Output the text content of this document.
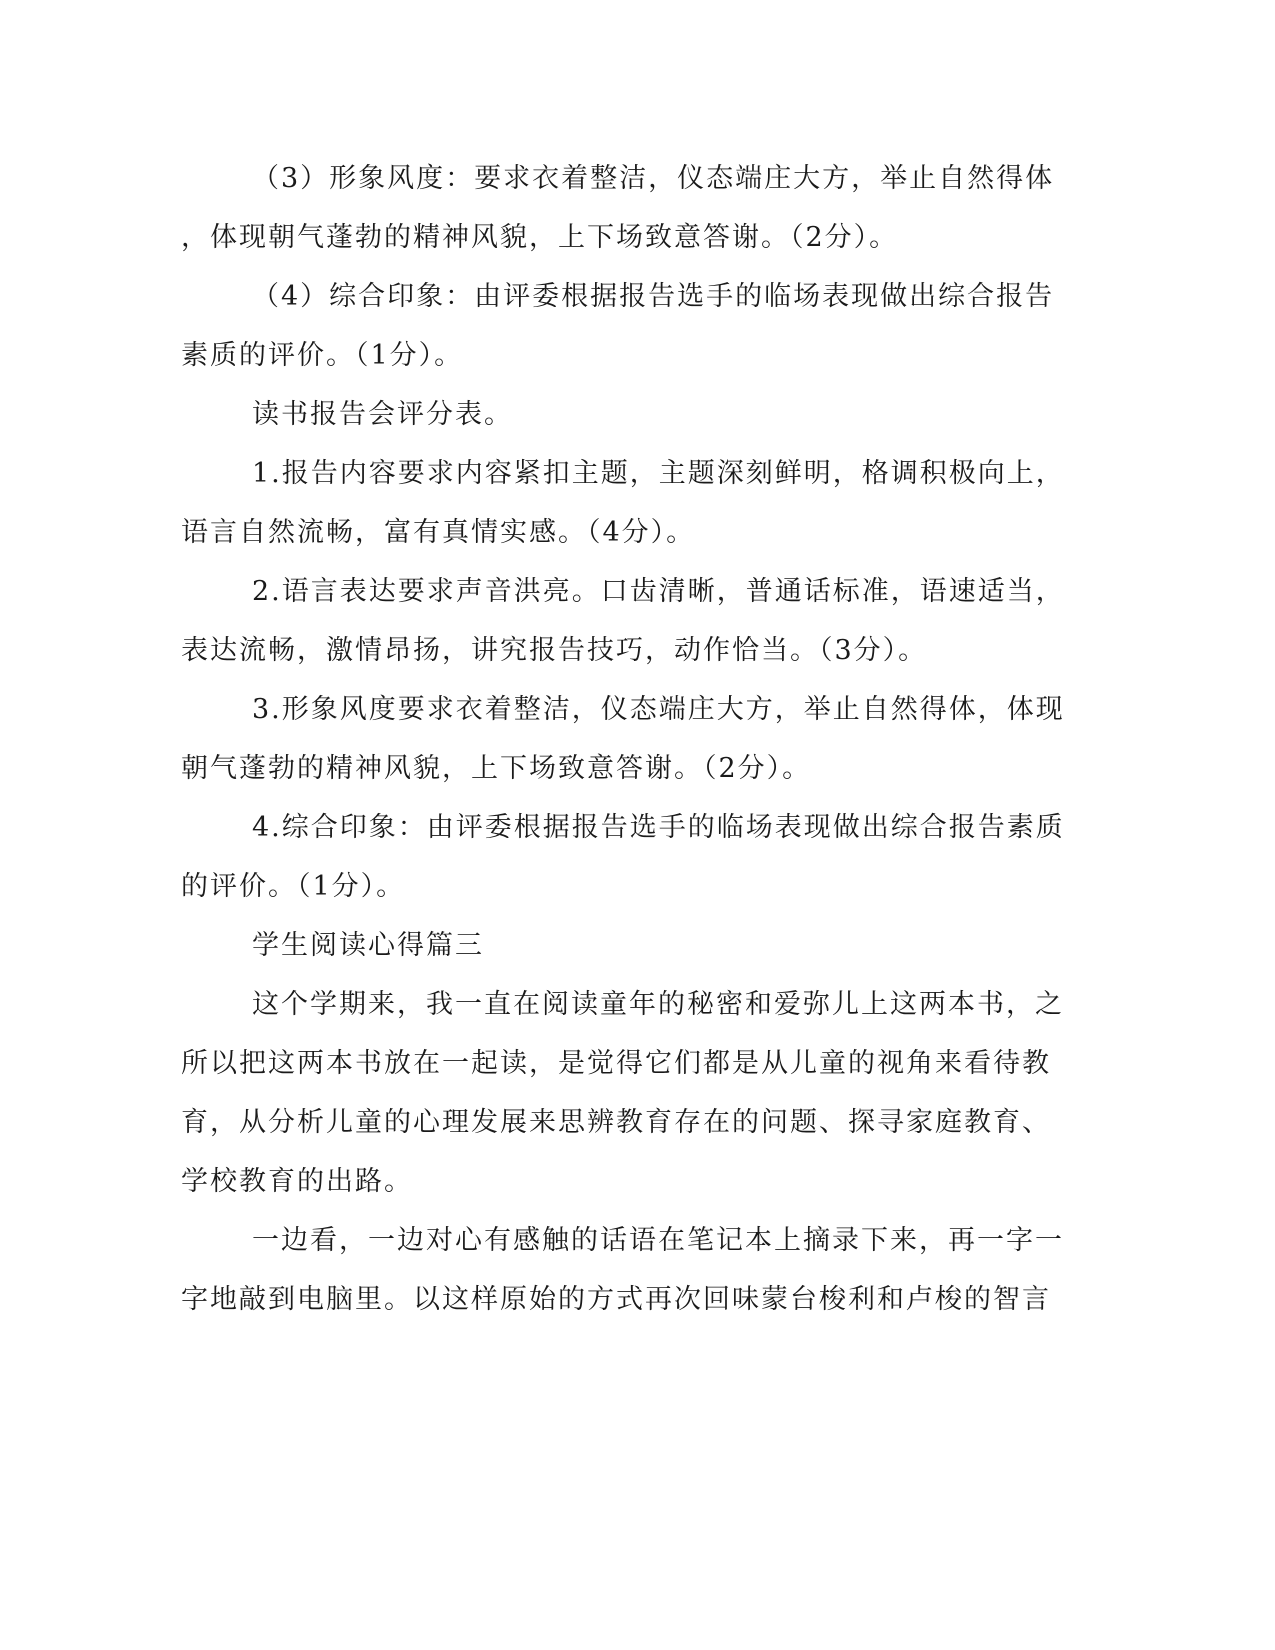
（3）形象风度：要求衣着整洁，仪态端庄大方，举止自然得体
，体现朝气蓬勃的精神风貌，上下场致意答谢。（2分）。
（4）综合印象：由评委根据报告选手的临场表现做出综合报告
素质的评价。（1分）。
读书报告会评分表。
1.报告内容要求内容紧扣主题，主题深刻鲜明，格调积极向上，
语言自然流畅，富有真情实感。（4分）。
2.语言表达要求声音洪亮。口齿清晰，普通话标准，语速适当，
表达流畅，激情昂扬，讲究报告技巧，动作恰当。（3分）。
3.形象风度要求衣着整洁，仪态端庄大方，举止自然得体，体现
朝气蓬勃的精神风貌，上下场致意答谢。（2分）。
4.综合印象：由评委根据报告选手的临场表现做出综合报告素质
的评价。（1分）。
学生阅读心得篇三
这个学期来，我一直在阅读童年的秘密和爱弥儿上这两本书，之
所以把这两本书放在一起读，是觉得它们都是从儿童的视角来看待教
育，从分析儿童的心理发展来思辨教育存在的问题、探寻家庭教育、
学校教育的出路。
一边看，一边对心有感触的话语在笔记本上摘录下来，再一字一
字地敲到电脑里。以这样原始的方式再次回味蒙台梭利和卢梭的智言
